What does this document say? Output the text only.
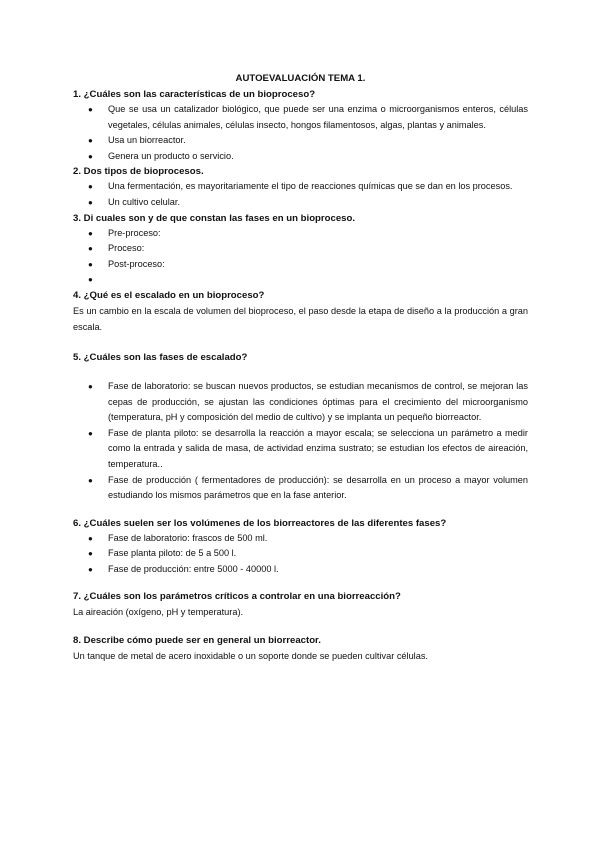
AUTOEVALUACIÓN TEMA 1.

1. ¿Cuáles son las características de un bioproceso?

● Que se usa un catalizador biológico, que puede ser una enzima o microorganismos enteros, células vegetales, células animales, células insecto, hongos filamentosos, algas, plantas y animales.
● Usa un biorreactor.
● Genera un producto o servicio.

2. Dos tipos de bioprocesos.

● Una fermentación, es mayoritariamente el tipo de reacciones químicas que se dan en los procesos.
● Un cultivo celular.

3. Di cuales son y de que constan las fases en un bioproceso.

● Pre-proceso:
● Proceso:
● Post-proceso:
●

4. ¿Qué es el escalado en un bioproceso?

Es un cambio en la escala de volumen del bioproceso, el paso desde la etapa de diseño a la producción a gran escala.

5. ¿Cuáles son las fases de escalado?

● Fase de laboratorio: se buscan nuevos productos, se estudian mecanismos de control, se mejoran las cepas de producción, se ajustan las condiciones óptimas para el crecimiento del microorganismo (temperatura, pH y composición del medio de cultivo) y se implanta un pequeño biorreactor.
● Fase de planta piloto: se desarrolla la reacción a mayor escala; se selecciona un parámetro a medir como la entrada y salida de masa, de actividad enzima sustrato; se estudian los efectos de aireación, temperatura..
● Fase de producción ( fermentadores de producción): se desarrolla en un proceso a mayor volumen estudiando los mismos parámetros que en la fase anterior.

6. ¿Cuáles suelen ser los volúmenes de los biorreactores de las diferentes fases?

● Fase de laboratorio: frascos de 500 ml.
● Fase planta piloto: de 5 a 500 l.
● Fase de producción: entre 5000 - 40000 l.

7. ¿Cuáles son los parámetros críticos a controlar en una biorreacción?

La aireación (oxígeno, pH y temperatura).

8. Describe cómo puede ser en general un biorreactor.

Un tanque de metal de acero inoxidable o un soporte donde se pueden cultivar células.
